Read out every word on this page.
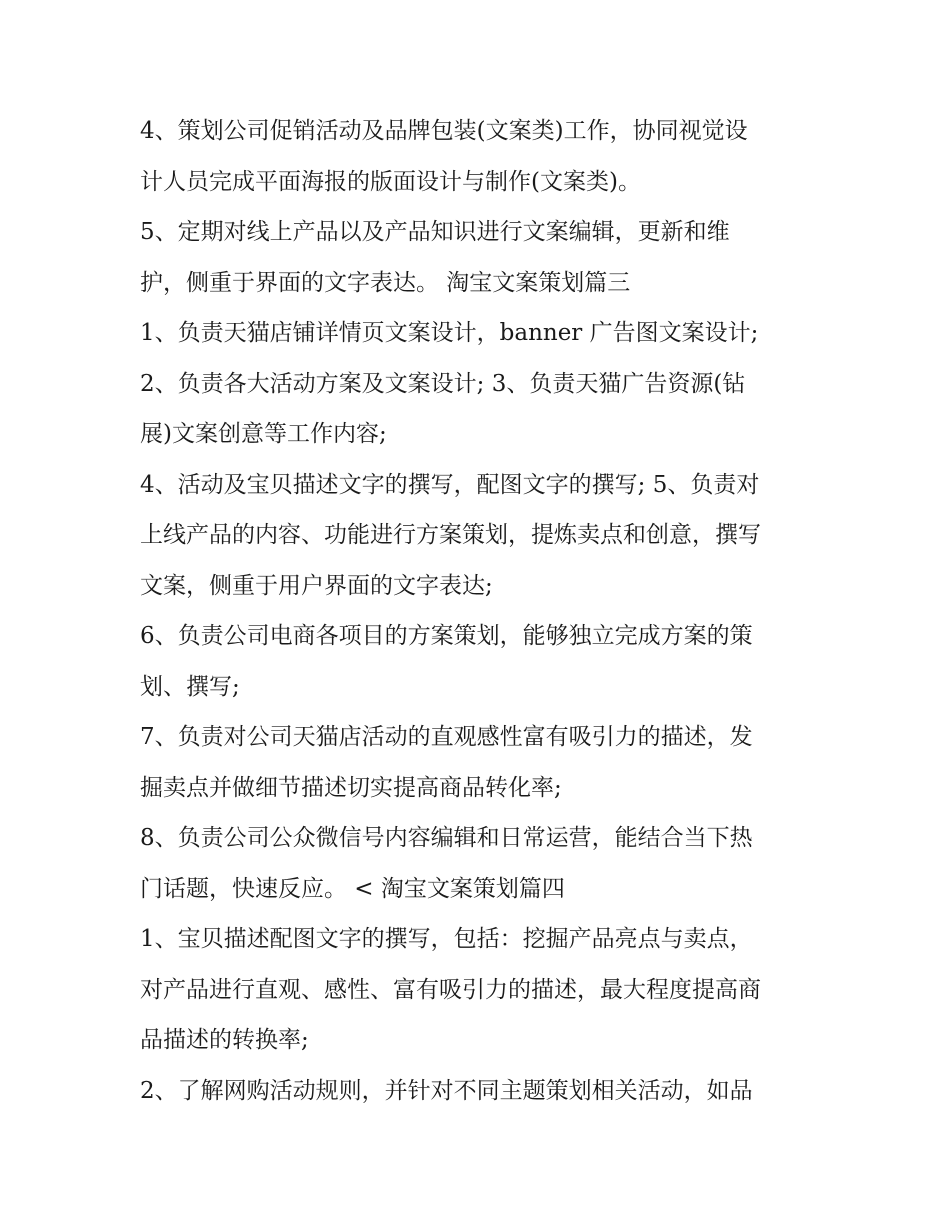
4、策划公司促销活动及品牌包装(文案类)工作，协同视觉设
计人员完成平面海报的版面设计与制作(文案类)。
5、定期对线上产品以及产品知识进行文案编辑，更新和维
护，侧重于界面的文字表达。 淘宝文案策划篇三
1、负责天猫店铺详情页文案设计，banner 广告图文案设计;
2、负责各大活动方案及文案设计; 3、负责天猫广告资源(钻
展)文案创意等工作内容;
4、活动及宝贝描述文字的撰写，配图文字的撰写; 5、负责对
上线产品的内容、功能进行方案策划，提炼卖点和创意，撰写
文案，侧重于用户界面的文字表达;
6、负责公司电商各项目的方案策划，能够独立完成方案的策
划、撰写;
7、负责对公司天猫店活动的直观感性富有吸引力的描述，发
掘卖点并做细节描述切实提高商品转化率;
8、负责公司公众微信号内容编辑和日常运营，能结合当下热
门话题，快速反应。 < 淘宝文案策划篇四
1、宝贝描述配图文字的撰写，包括：挖掘产品亮点与卖点，
对产品进行直观、感性、富有吸引力的描述，最大程度提高商
品描述的转换率;
2、了解网购活动规则，并针对不同主题策划相关活动，如品
